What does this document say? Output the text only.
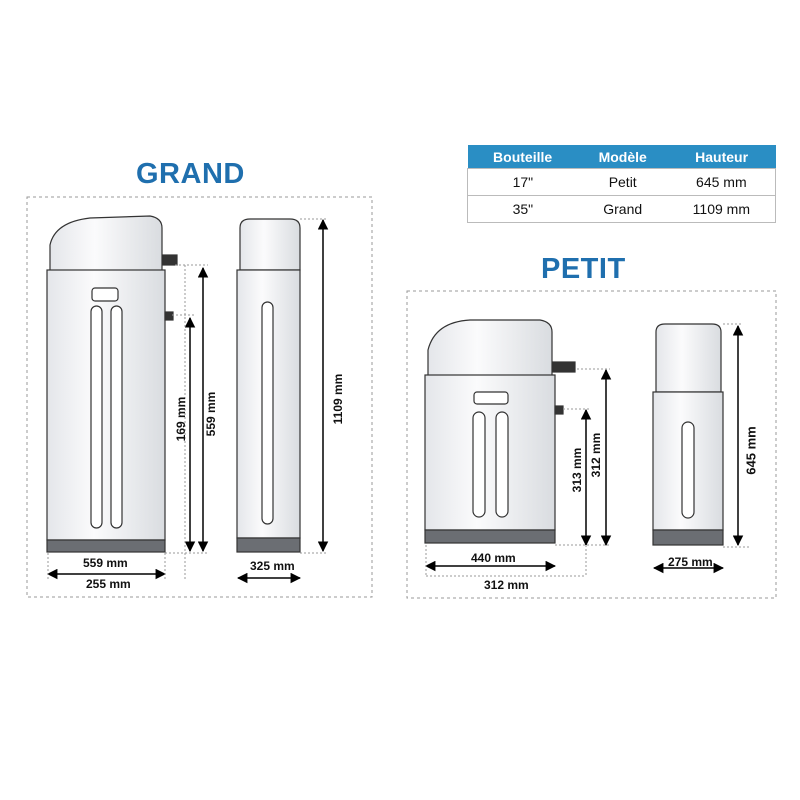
Bouteille	Modèle	Hauteur
17"	Petit	645 mm
35"	Grand	1109 mm
GRAND
PETIT
169 mm 559 mm	1109 mm
559 mm
255 mm
325 mm
313 mm 312 mm	645 mm
440 mm
312 mm
275 mm
